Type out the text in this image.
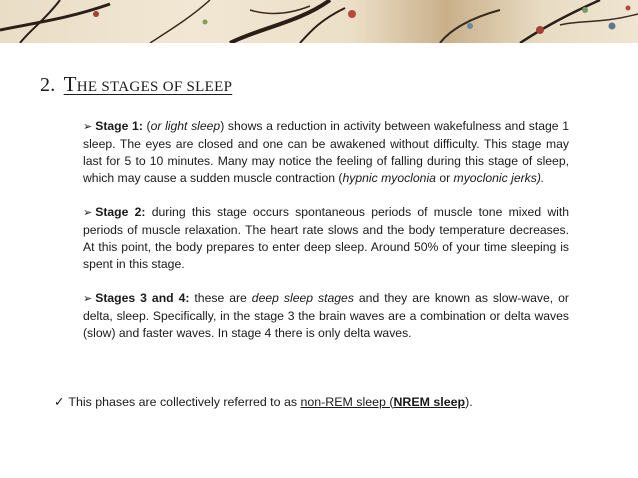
2. THE STAGES OF SLEEP

➢ Stage 1: (or light sleep) shows a reduction in activity between wakefulness and stage 1 sleep. The eyes are closed and one can be awakened without difficulty. This stage may last for 5 to 10 minutes. Many may notice the feeling of falling during this stage of sleep, which may cause a sudden muscle contraction (hypnic myoclonia or myoclonic jerks).

➢ Stage 2: during this stage occurs spontaneous periods of muscle tone mixed with periods of muscle relaxation. The heart rate slows and the body temperature decreases. At this point, the body prepares to enter deep sleep. Around 50% of your time sleeping is spent in this stage.

➢ Stages 3 and 4: these are deep sleep stages and they are known as slow-wave, or delta, sleep. Specifically, in the stage 3 the brain waves are a combination or delta waves (slow) and faster waves. In stage 4 there is only delta waves.

✓ This phases are collectively referred to as non-REM sleep (NREM sleep).
